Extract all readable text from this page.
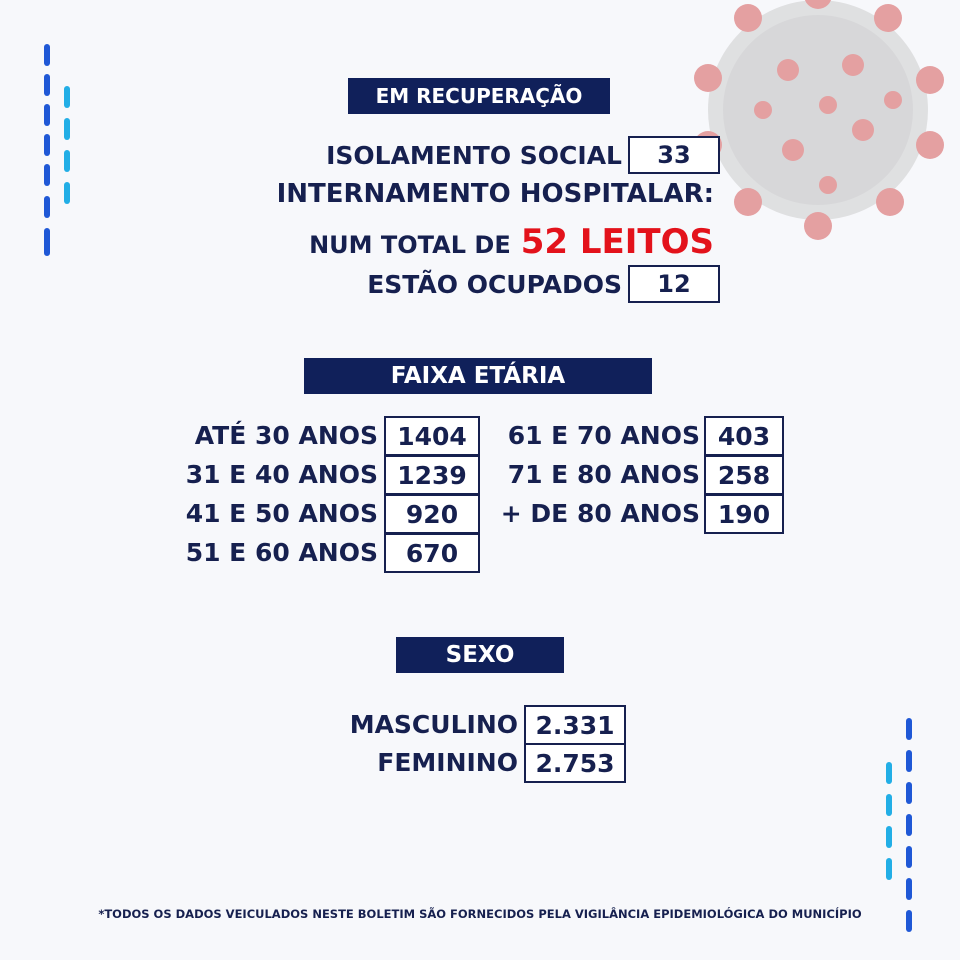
EM RECUPERAÇÃO
ISOLAMENTO SOCIAL	33
INTERNAMENTO HOSPITALAR:
NUM TOTAL DE 52 LEITOS
ESTÃO OCUPADOS	12
FAIXA ETÁRIA
ATÉ 30 ANOS 1404
31 E 40 ANOS 1239
41 E 50 ANOS	920
51 E 60 ANOS	670
61 E 70 ANOS 403
71 E 80 ANOS 258
+ DE 80 ANOS 190
SEXO
MASCULINO 2.331
FEMININO 2.753
*TODOS OS DADOS VEICULADOS NESTE BOLETIM SÃO FORNECIDOS PELA VIGILÂNCIA EPIDEMIOLÓGICA DO MUNICÍPIO
